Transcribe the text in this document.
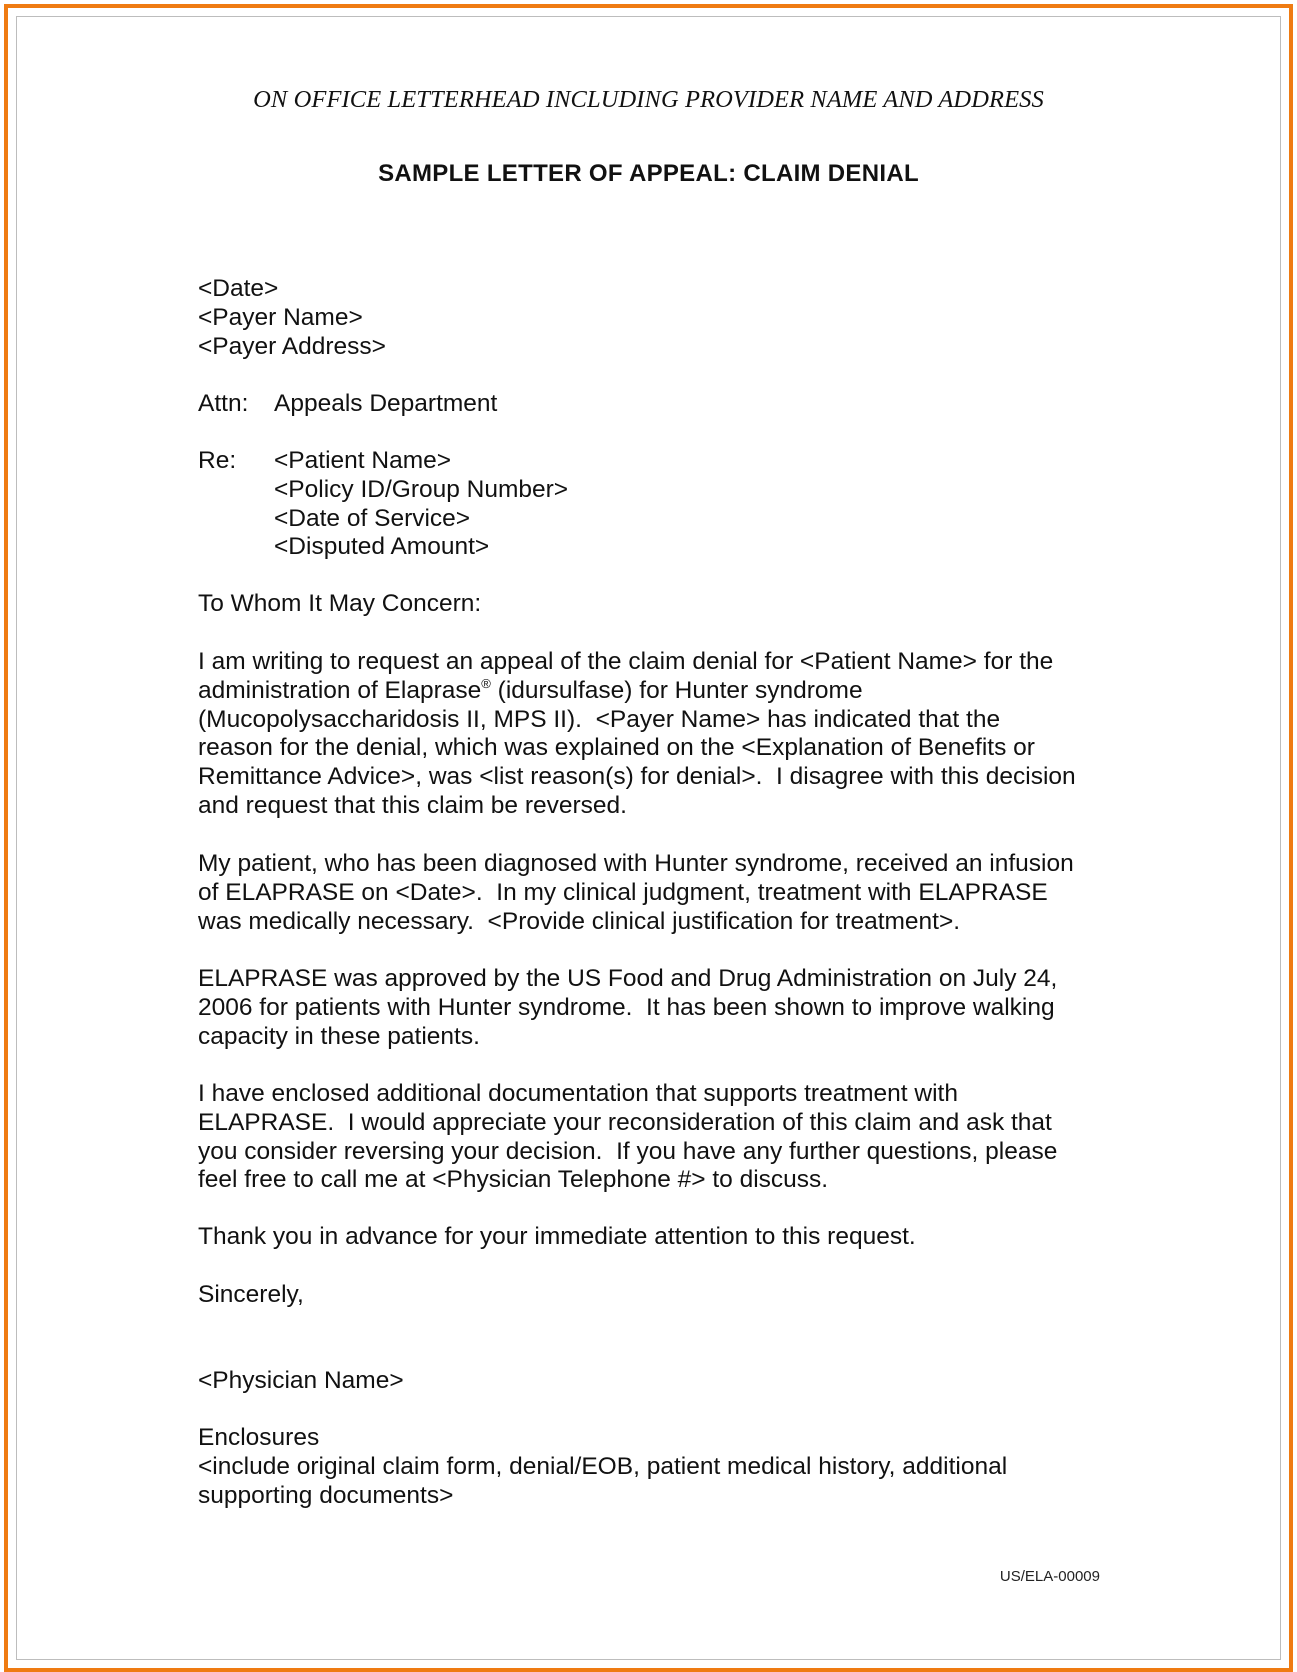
ON OFFICE LETTERHEAD INCLUDING PROVIDER NAME AND ADDRESS
SAMPLE LETTER OF APPEAL: CLAIM DENIAL
<Date>
<Payer Name>
<Payer Address>
Attn:	Appeals Department
Re:	<Patient Name>
<Policy ID/Group Number>
<Date of Service>
<Disputed Amount>
To Whom It May Concern:
I am writing to request an appeal of the claim denial for <Patient Name> for the
administration of Elaprase® (idursulfase) for Hunter syndrome
(Mucopolysaccharidosis II, MPS II).  <Payer Name> has indicated that the
reason for the denial, which was explained on the <Explanation of Benefits or
Remittance Advice>, was <list reason(s) for denial>.  I disagree with this decision
and request that this claim be reversed.
My patient, who has been diagnosed with Hunter syndrome, received an infusion
of ELAPRASE on <Date>.  In my clinical judgment, treatment with ELAPRASE
was medically necessary.  <Provide clinical justification for treatment>.
ELAPRASE was approved by the US Food and Drug Administration on July 24,
2006 for patients with Hunter syndrome.  It has been shown to improve walking
capacity in these patients.
I have enclosed additional documentation that supports treatment with
ELAPRASE.  I would appreciate your reconsideration of this claim and ask that
you consider reversing your decision.  If you have any further questions, please
feel free to call me at <Physician Telephone #> to discuss.
Thank you in advance for your immediate attention to this request.
Sincerely,
<Physician Name>
Enclosures
<include original claim form, denial/EOB, patient medical history, additional
supporting documents>
US/ELA-00009
